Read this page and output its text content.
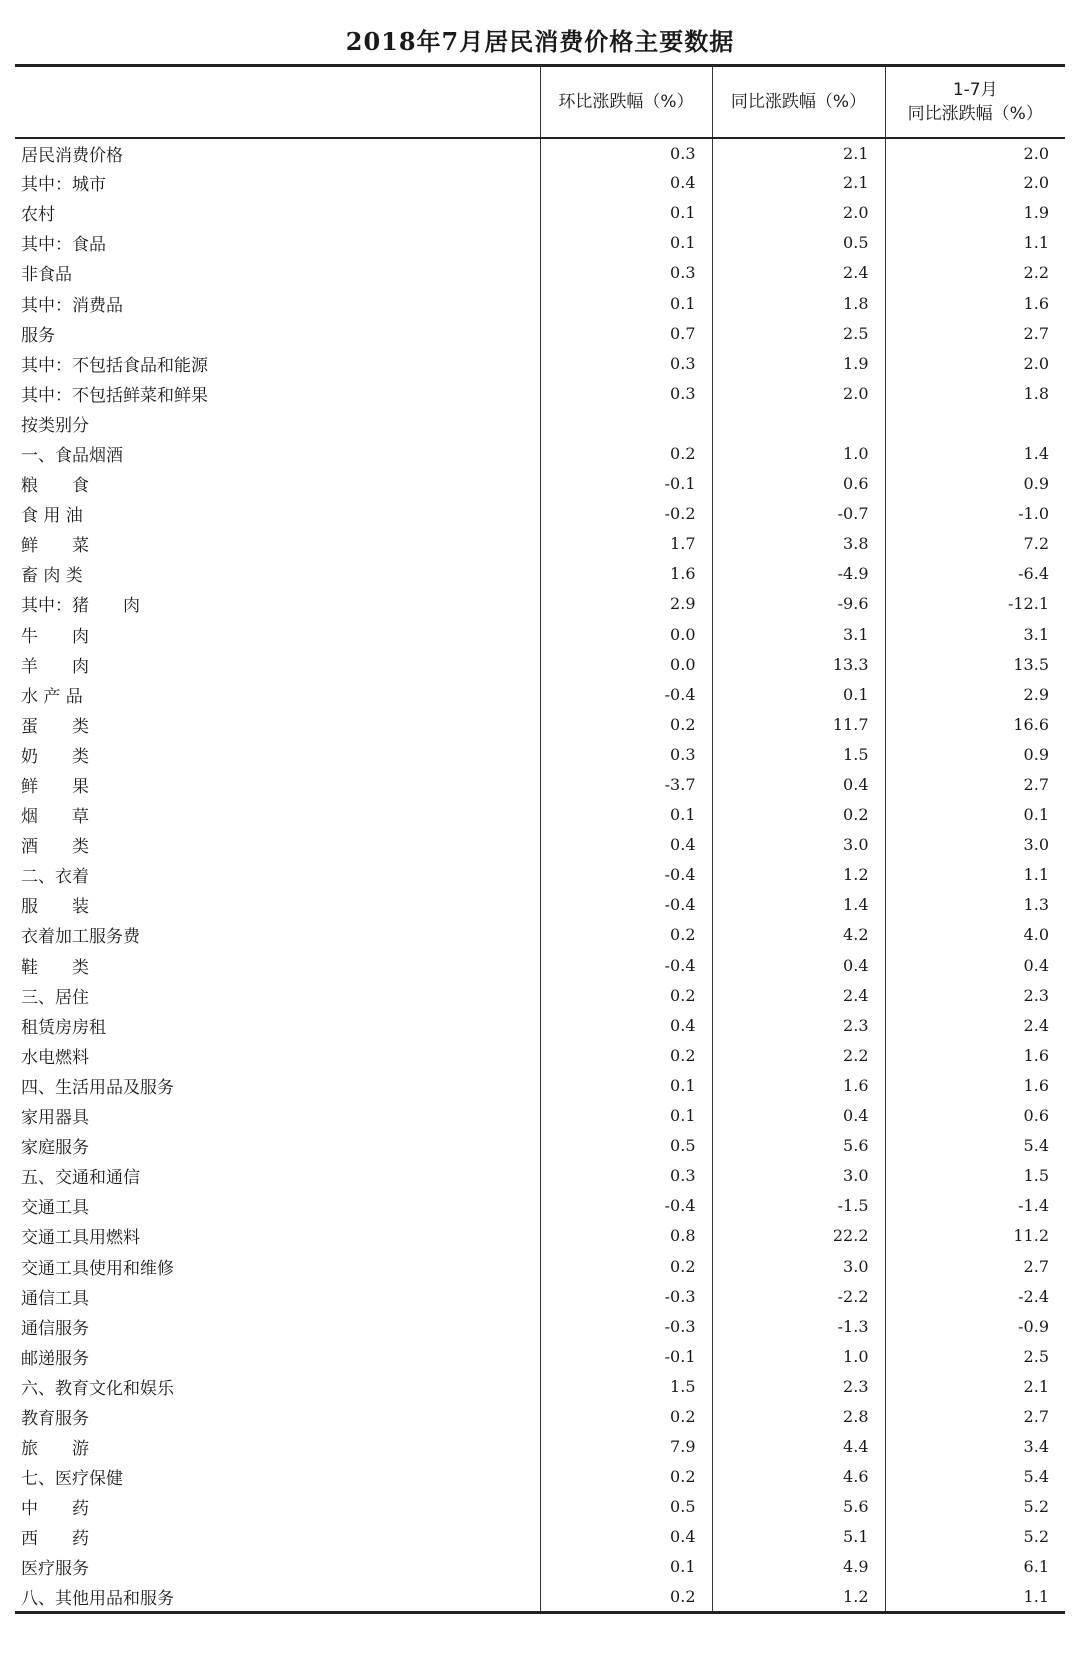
2018年7月居民消费价格主要数据
	环比涨跌幅（%）	同比涨跌幅（%）	1-7月
同比涨跌幅（%）

居民消费价格	0.3	2.1	2.0
其中：城市	0.4	2.1	2.0
农村	0.1	2.0	1.9
其中：食品	0.1	0.5	1.1
非食品	0.3	2.4	2.2
其中：消费品	0.1	1.8	1.6
服务	0.7	2.5	2.7
其中：不包括食品和能源	0.3	1.9	2.0
其中：不包括鲜菜和鲜果	0.3	2.0	1.8
按类别分			
一、食品烟酒	0.2	1.0	1.4
粮　　食	-0.1	0.6	0.9
食 用 油	-0.2	-0.7	-1.0
鲜　　菜	1.7	3.8	7.2
畜 肉 类	1.6	-4.9	-6.4
其中：猪　　肉	2.9	-9.6	-12.1
牛　　肉	0.0	3.1	3.1
羊　　肉	0.0	13.3	13.5
水 产 品	-0.4	0.1	2.9
蛋　　类	0.2	11.7	16.6
奶　　类	0.3	1.5	0.9
鲜　　果	-3.7	0.4	2.7
烟　　草	0.1	0.2	0.1
酒　　类	0.4	3.0	3.0
二、衣着	-0.4	1.2	1.1
服　　装	-0.4	1.4	1.3
衣着加工服务费	0.2	4.2	4.0
鞋　　类	-0.4	0.4	0.4
三、居住	0.2	2.4	2.3
租赁房房租	0.4	2.3	2.4
水电燃料	0.2	2.2	1.6
四、生活用品及服务	0.1	1.6	1.6
家用器具	0.1	0.4	0.6
家庭服务	0.5	5.6	5.4
五、交通和通信	0.3	3.0	1.5
交通工具	-0.4	-1.5	-1.4
交通工具用燃料	0.8	22.2	11.2
交通工具使用和维修	0.2	3.0	2.7
通信工具	-0.3	-2.2	-2.4
通信服务	-0.3	-1.3	-0.9
邮递服务	-0.1	1.0	2.5
六、教育文化和娱乐	1.5	2.3	2.1
教育服务	0.2	2.8	2.7
旅　　游	7.9	4.4	3.4
七、医疗保健	0.2	4.6	5.4
中　　药	0.5	5.6	5.2
西　　药	0.4	5.1	5.2
医疗服务	0.1	4.9	6.1
八、其他用品和服务	0.2	1.2	1.1
